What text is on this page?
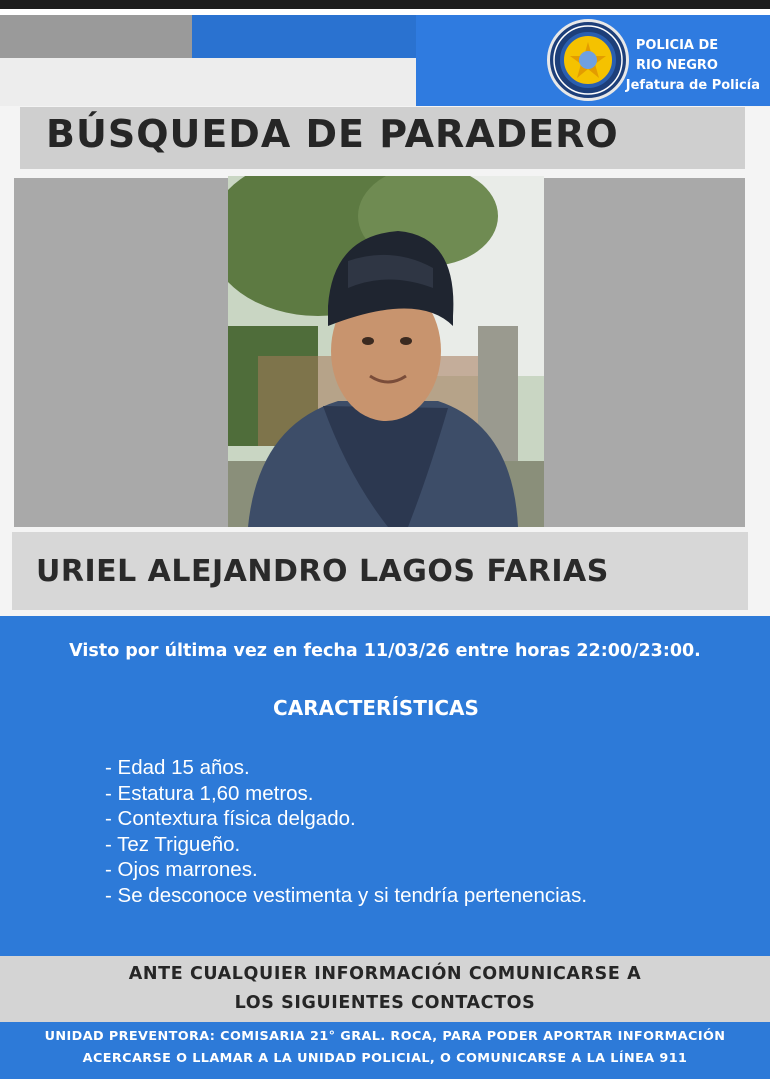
POLICIA DE
RIO NEGRO
Jefatura de Policía
BÚSQUEDA DE PARADERO
URIEL ALEJANDRO LAGOS FARIAS
Visto por última vez en fecha 11/03/26 entre horas 22:00/23:00.
CARACTERÍSTICAS
- Edad 15 años.
- Estatura 1,60 metros.
- Contextura física delgado.
- Tez Trigueño.
- Ojos marrones.
- Se desconoce vestimenta y si tendría pertenencias.
ANTE CUALQUIER INFORMACIÓN COMUNICARSE A
LOS SIGUIENTES CONTACTOS
UNIDAD PREVENTORA: COMISARIA 21° GRAL. ROCA, PARA PODER APORTAR INFORMACIÓN
ACERCARSE O LLAMAR A LA UNIDAD POLICIAL, O COMUNICARSE A LA LÍNEA 911
